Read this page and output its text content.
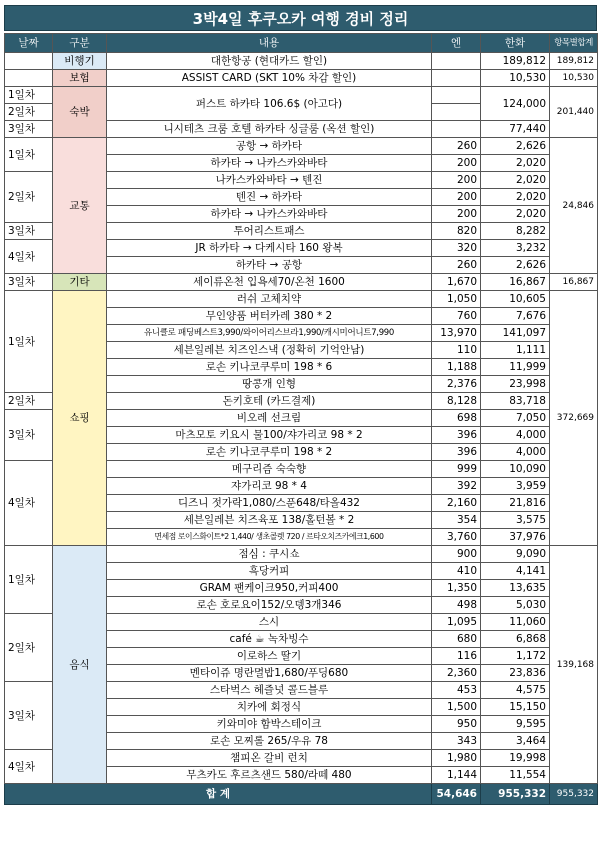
3박4일 후쿠오카 여행 경비 정리
날짜	구분	내용	엔	한화	항목별합계
	비행기	대한항공 (현대카드 할인)		189,812	189,812
	보험	ASSIST CARD (SKT 10% 차감 할인)		10,530	10,530
1일차	숙박	퍼스트 하카타 106.6$ (아고다)		124,000	201,440
2일차					
3일차		니시테츠 크룸 호텔 하카타 싱글룸 (옥션 할인)		77,440	
1일차	교통	공항 → 하카타	260	2,626	24,846
		하카타 → 나카스카와바타	200	2,020	
2일차		나카스카와바타 → 텐진	200	2,020	
		텐진 → 하카타	200	2,020	
		하카타 → 나카스카와바타	200	2,020	
3일차		투어리스트패스	820	8,282	
4일차		JR 하카타 → 다케시타 160 왕복	320	3,232	
		하카타 → 공항	260	2,626	
3일차	기타	세이류온천 입욕세70/온천 1600	1,670	16,867	16,867
1일차	쇼핑	러쉬 고체치약	1,050	10,605	372,669
		무인양품 버터카레 380 * 2	760	7,676	
		유니클로 패딩베스트3,990/와이어리스브라1,990/캐시미어니트7,990	13,970	141,097	
		세븐일레븐 치즈인스낵 (정확히 기억안남)	110	1,111	
		로손 키나코쿠루미 198 * 6	1,188	11,999	
		땅콩개 인형	2,376	23,998	
2일차		돈키호테 (카드결제)	8,128	83,718	
3일차		비오레 선크림	698	7,050	
		마츠모토 키요시 물100/쟈가리코 98 * 2	396	4,000	
		로손 키나코쿠루미 198 * 2	396	4,000	
4일차		메구리즘 숙숙향	999	10,090	
		쟈가리코 98 * 4	392	3,959	
		디즈니 젓가락1,080/스푼648/타올432	2,160	21,816	
		세븐일레븐 치즈육포 138/홀턴볼 * 2	354	3,575	
		면세점 로이스화이트*2 1,440/ 생초콜렛 720 / 르타오치즈카에크1,600	3,760	37,976	
1일차	음식	점심 : 쿠시쇼	900	9,090	139,168
		흑당커피	410	4,141	
		GRAM 팬케이크950,커피400	1,350	13,635	
		로손 호로요이152/오뎅3개346	498	5,030	
2일차		스시	1,095	11,060	
		café ☕ 녹차빙수	680	6,868	
		이로하스 딸기	116	1,172	
		멘타이쥬 명란멸밥1,680/푸딩680	2,360	23,836	
3일차		스타벅스 헤즐넛 콜드블루	453	4,575	
		치카에 회정식	1,500	15,150	
		키와미야 함박스테이크	950	9,595	
		로손 모찌롤 265/우유 78	343	3,464	
4일차		챔피온 갈비 런치	1,980	19,998	
		무츠카도 후르츠샌드 580/라떼 480	1,144	11,554	
합 계			54,646	955,332	955,332
